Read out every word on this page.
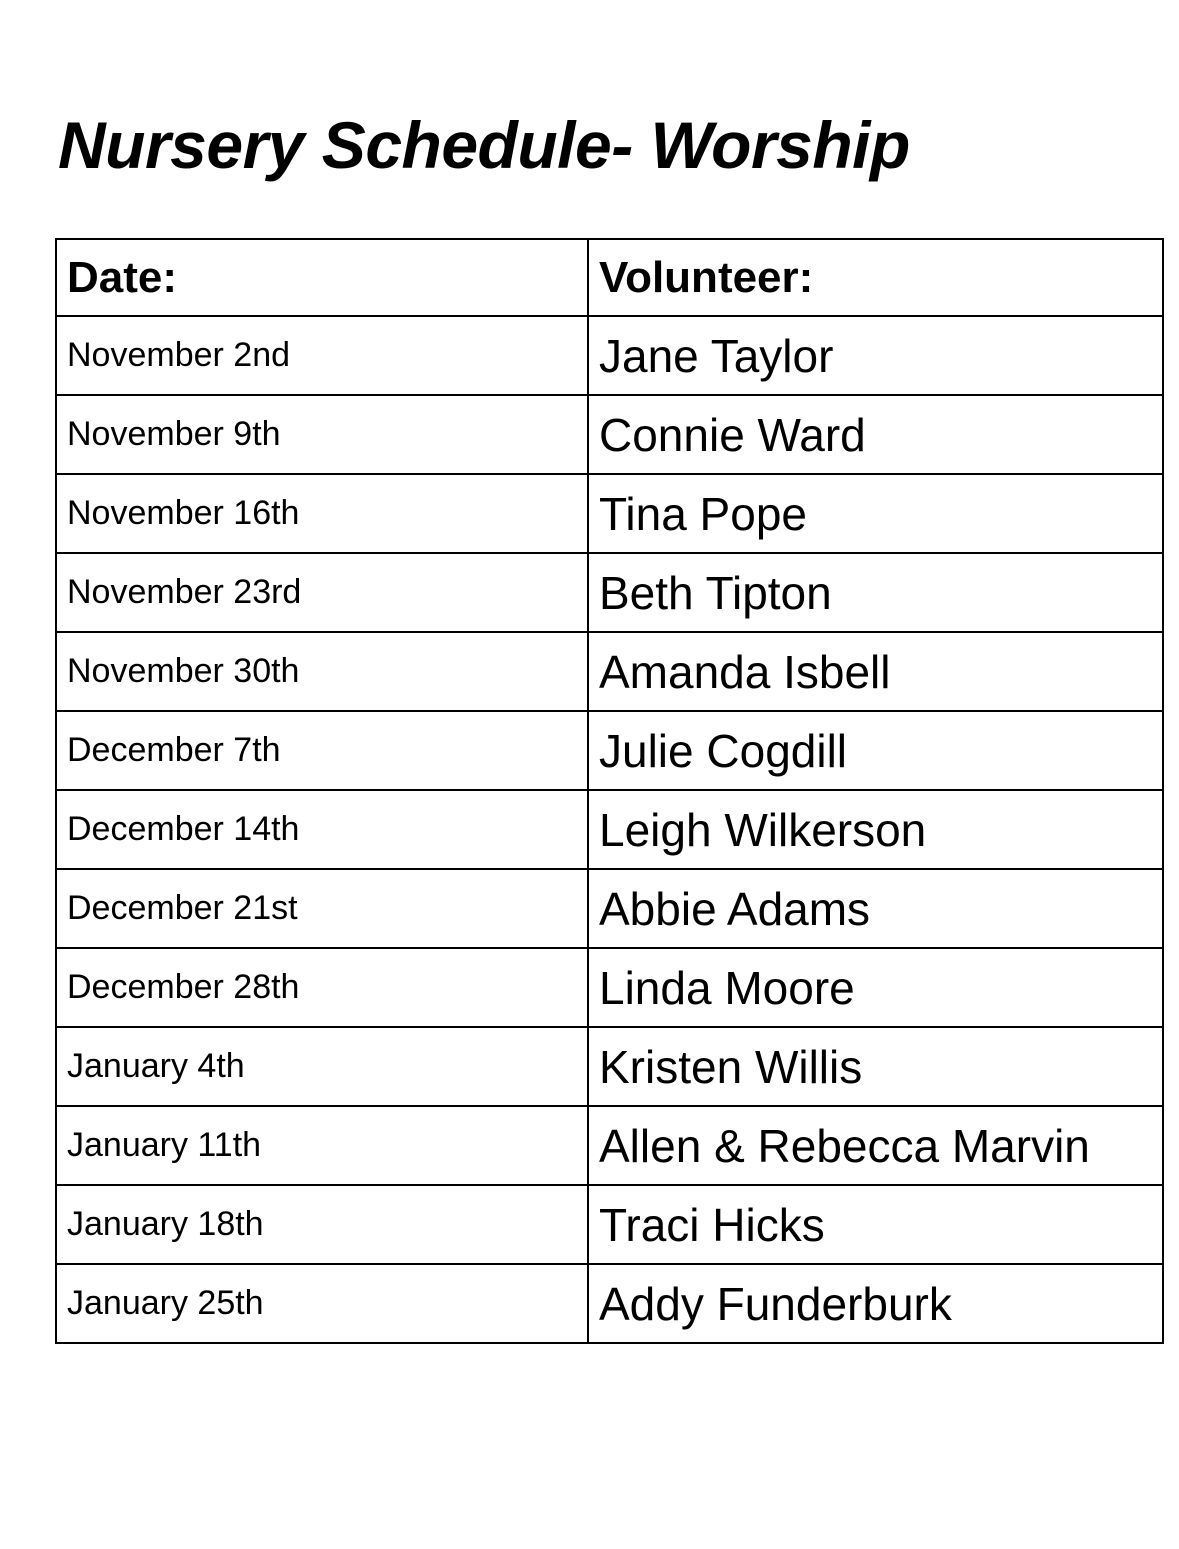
Nursery Schedule- Worship
Date:	Volunteer:
November 2nd	Jane Taylor
November 9th	Connie Ward
November 16th	Tina Pope
November 23rd	Beth Tipton
November 30th	Amanda Isbell
December 7th	Julie Cogdill
December 14th	Leigh Wilkerson
December 21st	Abbie Adams
December 28th	Linda Moore
January 4th	Kristen Willis
January 11th	Allen & Rebecca Marvin
January 18th	Traci Hicks
January 25th	Addy Funderburk
